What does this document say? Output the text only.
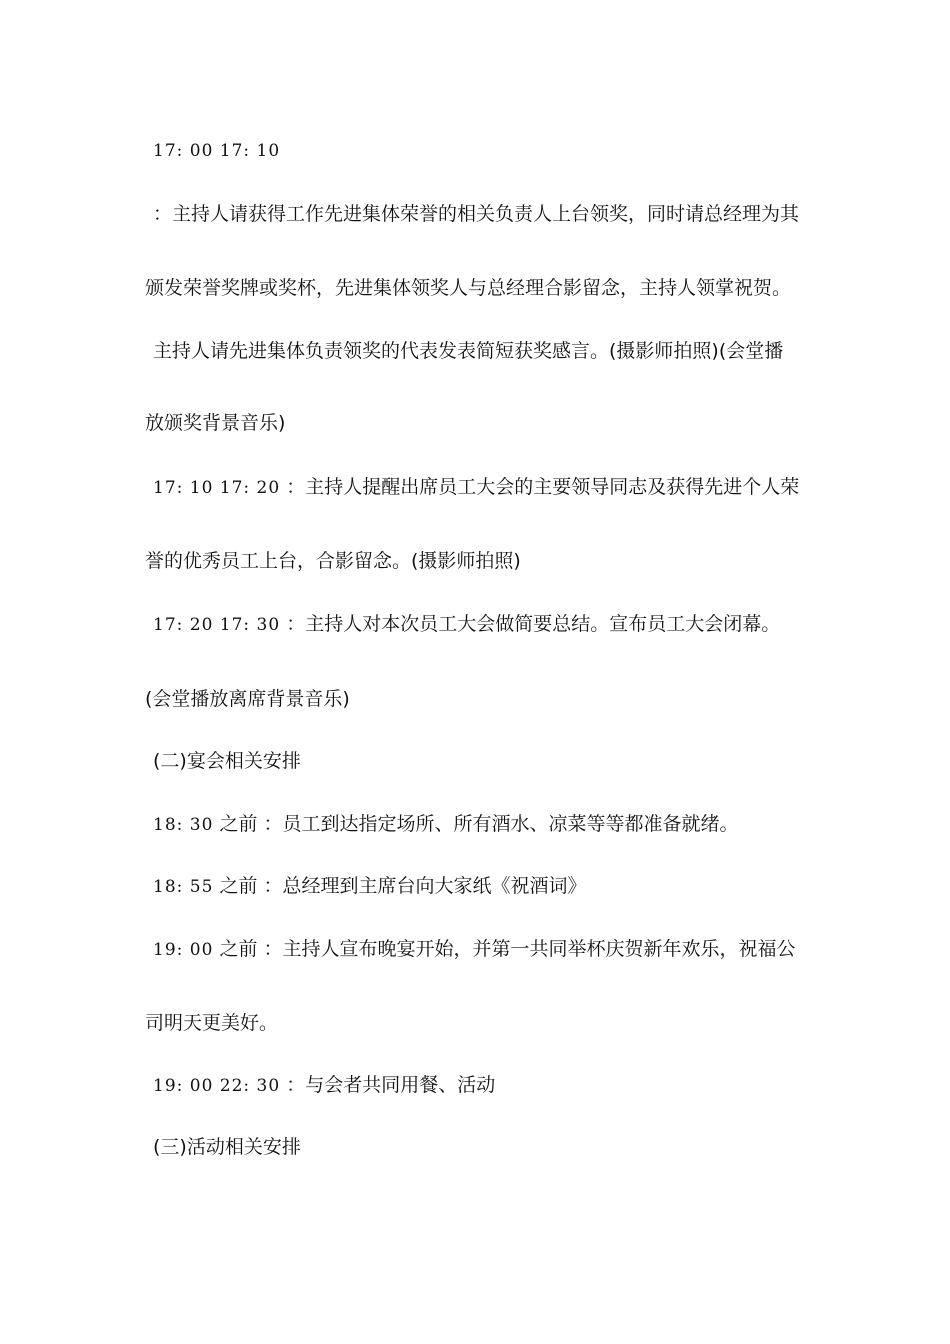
17: 00 17: 10
：主持人请获得工作先进集体荣誉的相关负责人上台领奖，同时请总经理为其
颁发荣誉奖牌或奖杯，先进集体领奖人与总经理合影留念，主持人领掌祝贺。
主持人请先进集体负责领奖的代表发表简短获奖感言。(摄影师拍照)(会堂播
放颁奖背景音乐)
17: 10 17: 20 ：主持人提醒出席员工大会的主要领导同志及获得先进个人荣
誉的优秀员工上台，合影留念。(摄影师拍照)
17: 20 17: 30 ：主持人对本次员工大会做简要总结。宣布员工大会闭幕。
(会堂播放离席背景音乐)
(二)宴会相关安排
18: 30 之前 ：员工到达指定场所、所有酒水、凉菜等等都准备就绪。
18: 55 之前 ：总经理到主席台向大家纸《祝酒词》
19: 00 之前 ：主持人宣布晚宴开始，并第一共同举杯庆贺新年欢乐，祝福公
司明天更美好。
19: 00 22: 30 ：与会者共同用餐、活动
(三)活动相关安排
